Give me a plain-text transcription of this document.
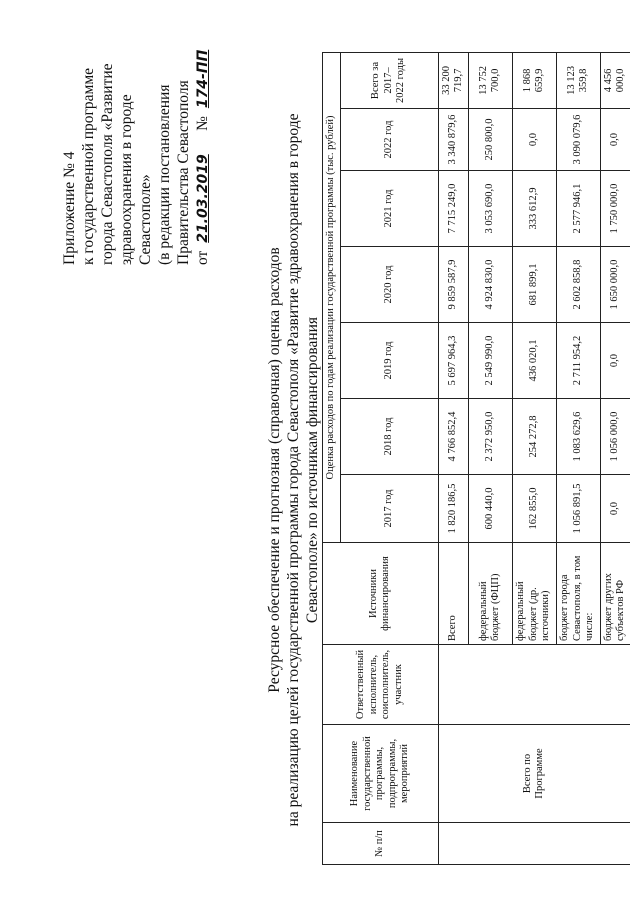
Приложение № 4 к государственной программе города Севастополя «Развитие здравоохранения в городе Севастополе» (в редакции постановления Правительства Севастополя от 21.03.2019     № 174-ПП
Ресурсное обеспечение и прогнозная (справочная) оценка расходов на реализацию целей государственной программы города Севастополя «Развитие здравоохранения в городе Севастополе» по источникам финансирования
№ п/п	Наименование государственной программы, подпрограммы, мероприятий	Ответственный исполнитель, соисполнитель, участник	Источники финансирования	Оценка расходов по годам реализации государственной программы (тыс. рублей)						
				2017 год	2018 год	2019 год	2020 год	2021 год	2022 год	Всего за 2017– 2022 годы
	Всего по Программе		Всего	1 820 186,5	4 766 852,4	5 697 964,3	9 859 587,9	7 715 249,0	3 340 879,6	33 200 719,7
			федеральный бюджет (ФЦП)	600 440,0	2 372 950,0	2 549 990,0	4 924 830,0	3 053 690,0	250 800,0	13 752 700,0
			федеральный бюджет (др. источники)	162 855,0	254 272,8	436 020,1	681 899,1	333 612,9	0,0	1 868 659,9
			бюджет города Севастополя, в том числе:	1 056 891,5	1 083 629,6	2 711 954,2	2 602 858,8	2 577 946,1	3 090 079,6	13 123 359,8
			бюджет других субъектов РФ	0,0	1 056 000,0	0,0	1 650 000,0	1 750 000,0	0,0	4 456 000,0
